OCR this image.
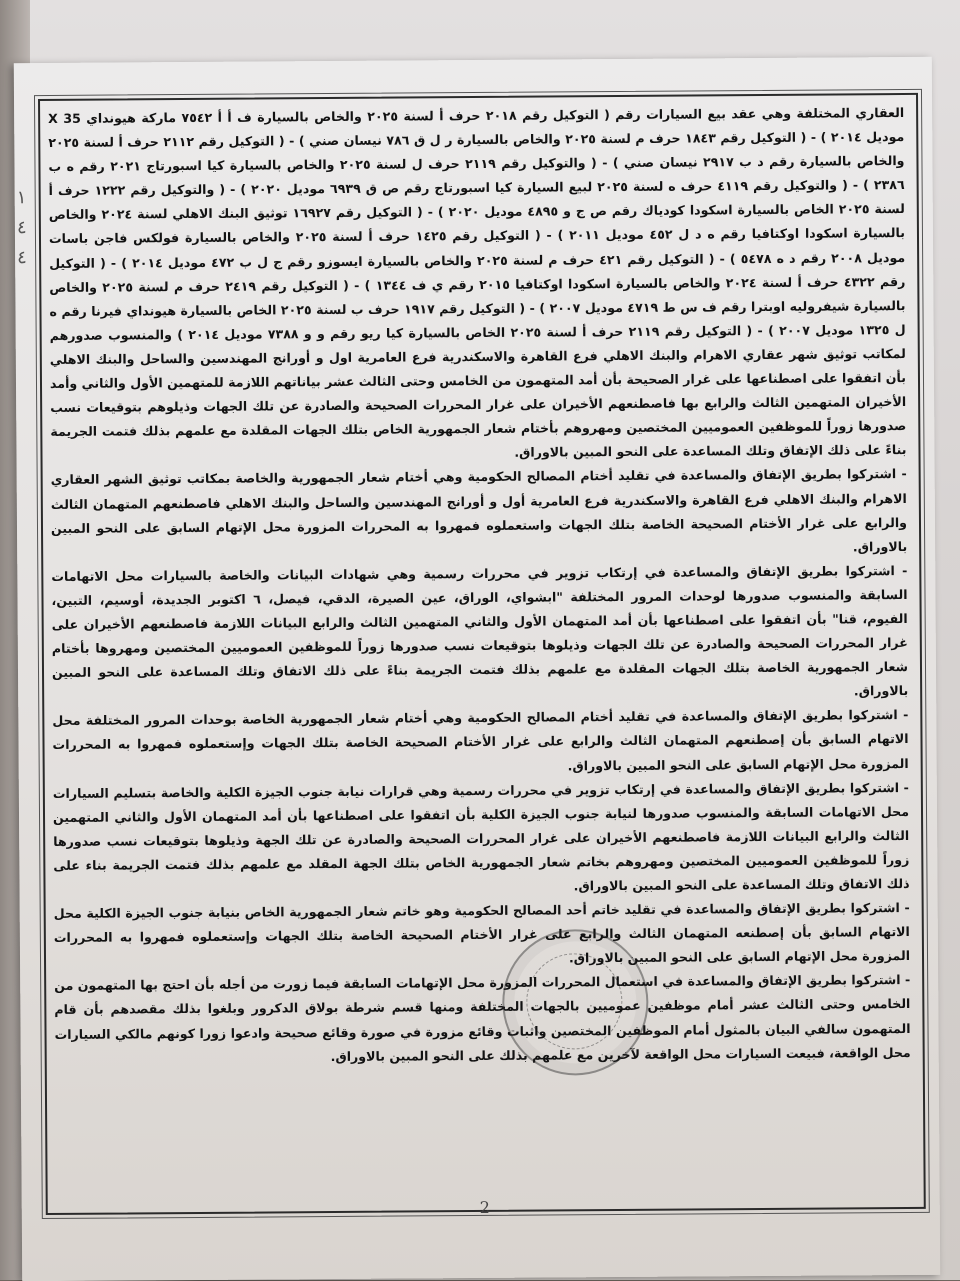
١ ٤ ٤

العقاري المختلفة وهي عقد بيع السيارات رقم ( التوكيل رقم ٢٠١٨ حرف أ لسنة ٢٠٢٥ والخاص بالسيارة ف أ أ ٧٥٤٢ ماركة هيونداي X 35 موديل ٢٠١٤ ) - ( التوكيل رقم ١٨٤٣ حرف م لسنة ٢٠٢٥ والخاص بالسيارة ر ل ق ٧٨٦ نيسان صني ) - ( التوكيل رقم ٢١١٢ حرف أ لسنة ٢٠٢٥ والخاص بالسيارة رقم د ب ٢٩١٧ نيسان صني ) - ( والتوكيل رقم ٢١١٩ حرف ل لسنة ٢٠٢٥ والخاص بالسيارة كيا اسبورتاج ٢٠٢١ رقم ه ب ٢٣٨٦ ) - ( والتوكيل رقم ٤١١٩ حرف ه لسنة ٢٠٢٥ لبيع السيارة كيا اسبورتاج رقم ص ق ٦٩٣٩ موديل ٢٠٢٠ ) - ( والتوكيل رقم ١٢٢٢ حرف أ لسنة ٢٠٢٥ الخاص بالسيارة اسكودا كودياك رقم ص ج و ٤٨٩٥ موديل ٢٠٢٠ ) - ( التوكيل رقم ١٦٩٢٧ توثيق البنك الاهلي لسنة ٢٠٢٤ والخاص بالسيارة اسكودا اوكتافيا رقم ه د ل ٤٥٢ موديل ٢٠١١ ) - ( التوكيل رقم ١٤٢٥ حرف أ لسنة ٢٠٢٥ والخاص بالسيارة فولكس فاجن باسات موديل ٢٠٠٨ رقم د ه ٥٤٧٨ ) - ( التوكيل رقم ٤٢١ حرف م لسنة ٢٠٢٥ والخاص بالسيارة ايسوزو رقم ج ل ب ٤٧٢ موديل ٢٠١٤ ) - ( التوكيل رقم ٤٣٢٢ حرف أ لسنة ٢٠٢٤ والخاص بالسيارة اسكودا اوكتافيا ٢٠١٥ رقم ي ف ١٣٤٤ ) - ( التوكيل رقم ٢٤١٩ حرف م لسنة ٢٠٢٥ والخاص بالسيارة شيفروليه اوبترا رقم ف س ط ٤٧١٩ موديل ٢٠٠٧ ) - ( التوكيل رقم ١٩١٧ حرف ب لسنة ٢٠٢٥ الخاص بالسيارة هيونداي فيرنا رقم ه ل ١٣٢٥ موديل ٢٠٠٧ ) - ( التوكيل رقم ٢١١٩ حرف أ لسنة ٢٠٢٥ الخاص بالسيارة كيا ريو رقم و و ٧٣٨٨ موديل ٢٠١٤ ) والمنسوب صدورهم لمكاتب توثيق شهر عقاري الاهرام والبنك الاهلي فرع القاهرة والاسكندرية فرع العامرية اول و أورانج المهندسين والساحل والبنك الاهلي بأن اتفقوا على اصطناعها على غرار الصحيحة بأن أمد المتهمون من الخامس وحتى الثالث عشر بياناتهم اللازمة للمتهمين الأول والثاني وأمد الأخيران المتهمين الثالث والرابع بها فاصطنعهم الأخيران على غرار المحررات الصحيحة والصادرة عن تلك الجهات وذيلوهم بتوقيعات نسب صدورها زوراً للموظفين العموميين المختصين ومهروهم بأختام شعار الجمهورية الخاص بتلك الجهات المقلدة مع علمهم بذلك فتمت الجريمة بناءً على ذلك الإتفاق وتلك المساعدة على النحو المبين بالاوراق.

- اشتركوا بطريق الإتفاق والمساعدة في تقليد أختام المصالح الحكومية وهي أختام شعار الجمهورية والخاصة بمكاتب توثيق الشهر العقاري الاهرام والبنك الاهلي فرع القاهرة والاسكندرية فرع العامرية أول و أورانج المهندسين والساحل والبنك الاهلي فاصطنعهم المتهمان الثالث والرابع على غرار الأختام الصحيحة الخاصة بتلك الجهات واستعملوه فمهروا به المحررات المزورة محل الإتهام السابق على النحو المبين بالاوراق.

- اشتركوا بطريق الإتفاق والمساعدة في إرتكاب تزوير في محررات رسمية وهي شهادات البيانات والخاصة بالسيارات محل الاتهامات السابقة والمنسوب صدورها لوحدات المرور المختلفة "ابشواي، الوراق، عين الصيرة، الدقي، فيصل، ٦ اكتوبر الجديدة، أوسيم، التبين، الفيوم، قنا" بأن اتفقوا على اصطناعها بأن أمد المتهمان الأول والثاني المتهمين الثالث والرابع البيانات اللازمة فاصطنعهم الأخيران على غرار المحررات الصحيحة والصادرة عن تلك الجهات وذيلوها بتوقيعات نسب صدورها زوراً للموظفين العموميين المختصين ومهروها بأختام شعار الجمهورية الخاصة بتلك الجهات المقلدة مع علمهم بذلك فتمت الجريمة بناءً على ذلك الاتفاق وتلك المساعدة على النحو المبين بالاوراق.

- اشتركوا بطريق الإتفاق والمساعدة في تقليد أختام المصالح الحكومية وهي أختام شعار الجمهورية الخاصة بوحدات المرور المختلفة محل الاتهام السابق بأن إصطنعهم المتهمان الثالث والرابع على غرار الأختام الصحيحة الخاصة بتلك الجهات وإستعملوه فمهروا به المحررات المزورة محل الإتهام السابق على النحو المبين بالاوراق.

- اشتركوا بطريق الإتفاق والمساعدة في إرتكاب تزوير في محررات رسمية وهي قرارات نيابة جنوب الجيزة الكلية والخاصة بتسليم السيارات محل الاتهامات السابقة والمنسوب صدورها لنيابة جنوب الجيزة الكلية بأن اتفقوا على اصطناعها بأن أمد المتهمان الأول والثاني المتهمين الثالث والرابع البيانات اللازمة فاصطنعهم الأخيران على غرار المحررات الصحيحة والصادرة عن تلك الجهة وذيلوها بتوقيعات نسب صدورها زوراً للموظفين العموميين المختصين ومهروهم بخاتم شعار الجمهورية الخاص بتلك الجهة المقلد مع علمهم بذلك فتمت الجريمة بناء على ذلك الاتفاق وتلك المساعدة على النحو المبين بالاوراق.

- اشتركوا بطريق الإتفاق والمساعدة في تقليد خاتم أحد المصالح الحكومية وهو خاتم شعار الجمهورية الخاص بنيابة جنوب الجيزة الكلية محل الاتهام السابق بأن إصطنعه المتهمان الثالث والرابع على غرار الأختام الصحيحة الخاصة بتلك الجهات وإستعملوه فمهروا به المحررات المزورة محل الإتهام السابق على النحو المبين بالاوراق.

- اشتركوا بطريق الإتفاق والمساعدة في استعمال المحررات المزورة محل الإتهامات السابقة فيما زورت من أجله بأن احتج بها المتهمون من الخامس وحتى الثالث عشر أمام موظفين عموميين بالجهات المختلفة ومنها قسم شرطة بولاق الدكرور وبلغوا بذلك مقصدهم بأن قام المتهمون سالفي البيان بالمثول أمام الموظفين المختصين واثبات وقائع مزورة في صورة وقائع صحيحة وادعوا زورا كونهم مالكي السيارات محل الواقعة، فبيعت السيارات محل الواقعة لآخرين مع علمهم بذلك على النحو المبين بالاوراق.

2
